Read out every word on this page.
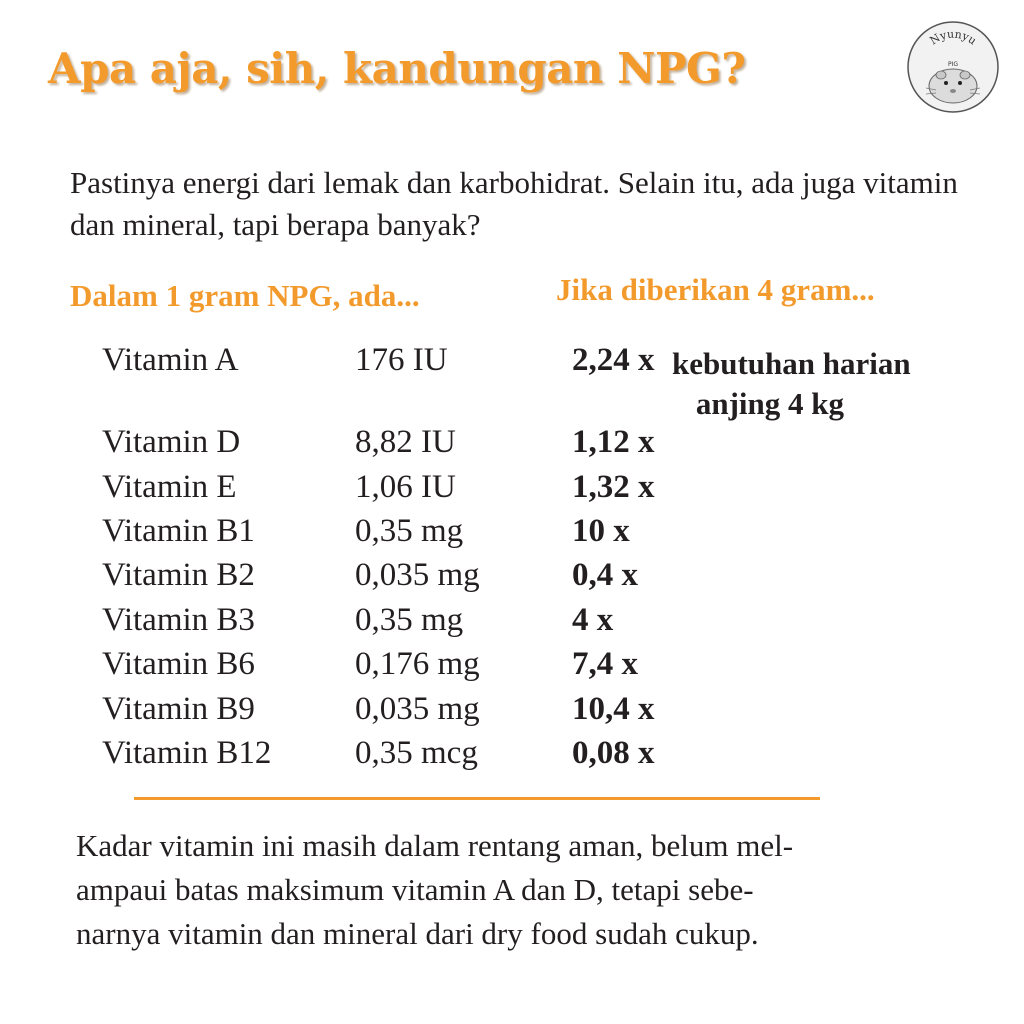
Apa aja, sih, kandungan NPG?
Nyunyu
PIG

Pastinya energi dari lemak dan karbohidrat. Selain itu, ada juga vitamin dan mineral, tapi berapa banyak?

Dalam 1 gram NPG, ada...	Jika diberikan 4 gram...
Vitamin A	176 IU	2,24 x kebutuhan harian
anjing 4 kg
Vitamin D	8,82 IU	1,12 x
Vitamin E	1,06 IU	1,32 x
Vitamin B1	0,35 mg	10 x
Vitamin B2	0,035 mg	0,4 x
Vitamin B3	0,35 mg	4 x
Vitamin B6	0,176 mg	7,4 x
Vitamin B9	0,035 mg	10,4 x
Vitamin B12	0,35 mcg	0,08 x
Kadar vitamin ini masih dalam rentang aman, belum mel-
ampaui batas maksimum vitamin A dan D, tetapi sebe-
narnya vitamin dan mineral dari dry food sudah cukup.
